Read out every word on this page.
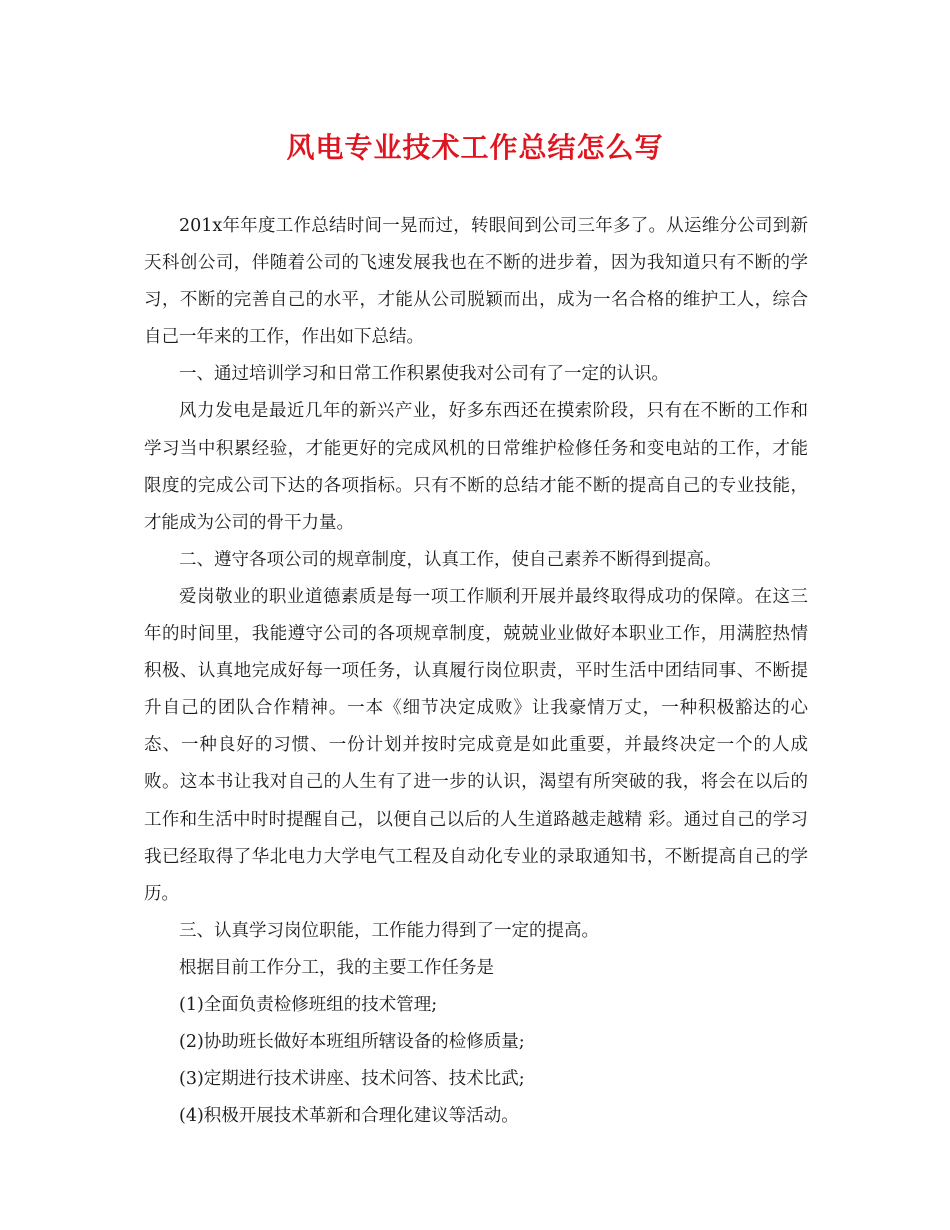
风电专业技术工作总结怎么写

201x年年度工作总结时间一晃而过，转眼间到公司三年多了。从运维分公司到新天科创公司，伴随着公司的飞速发展我也在不断的进步着，因为我知道只有不断的学习，不断的完善自己的水平，才能从公司脱颖而出，成为一名合格的维护工人，综合自己一年来的工作，作出如下总结。

一、通过培训学习和日常工作积累使我对公司有了一定的认识。

风力发电是最近几年的新兴产业，好多东西还在摸索阶段，只有在不断的工作和学习当中积累经验，才能更好的完成风机的日常维护检修任务和变电站的工作，才能限度的完成公司下达的各项指标。只有不断的总结才能不断的提高自己的专业技能，才能成为公司的骨干力量。

二、遵守各项公司的规章制度，认真工作，使自己素养不断得到提高。

爱岗敬业的职业道德素质是每一项工作顺利开展并最终取得成功的保障。在这三年的时间里，我能遵守公司的各项规章制度，兢兢业业做好本职业工作，用满腔热情积极、认真地完成好每一项任务，认真履行岗位职责，平时生活中团结同事、不断提升自己的团队合作精神。一本《细节决定成败》让我豪情万丈，一种积极豁达的心态、一种良好的习惯、一份计划并按时完成竟是如此重要，并最终决定一个的人成败。这本书让我对自己的人生有了进一步的认识，渴望有所突破的我，将会在以后的工作和生活中时时提醒自己，以便自己以后的人生道路越走越精 彩。通过自己的学习我已经取得了华北电力大学电气工程及自动化专业的录取通知书，不断提高自己的学历。

三、认真学习岗位职能，工作能力得到了一定的提高。

根据目前工作分工，我的主要工作任务是

(1)全面负责检修班组的技术管理;

(2)协助班长做好本班组所辖设备的检修质量;

(3)定期进行技术讲座、技术问答、技术比武;

(4)积极开展技术革新和合理化建议等活动。
